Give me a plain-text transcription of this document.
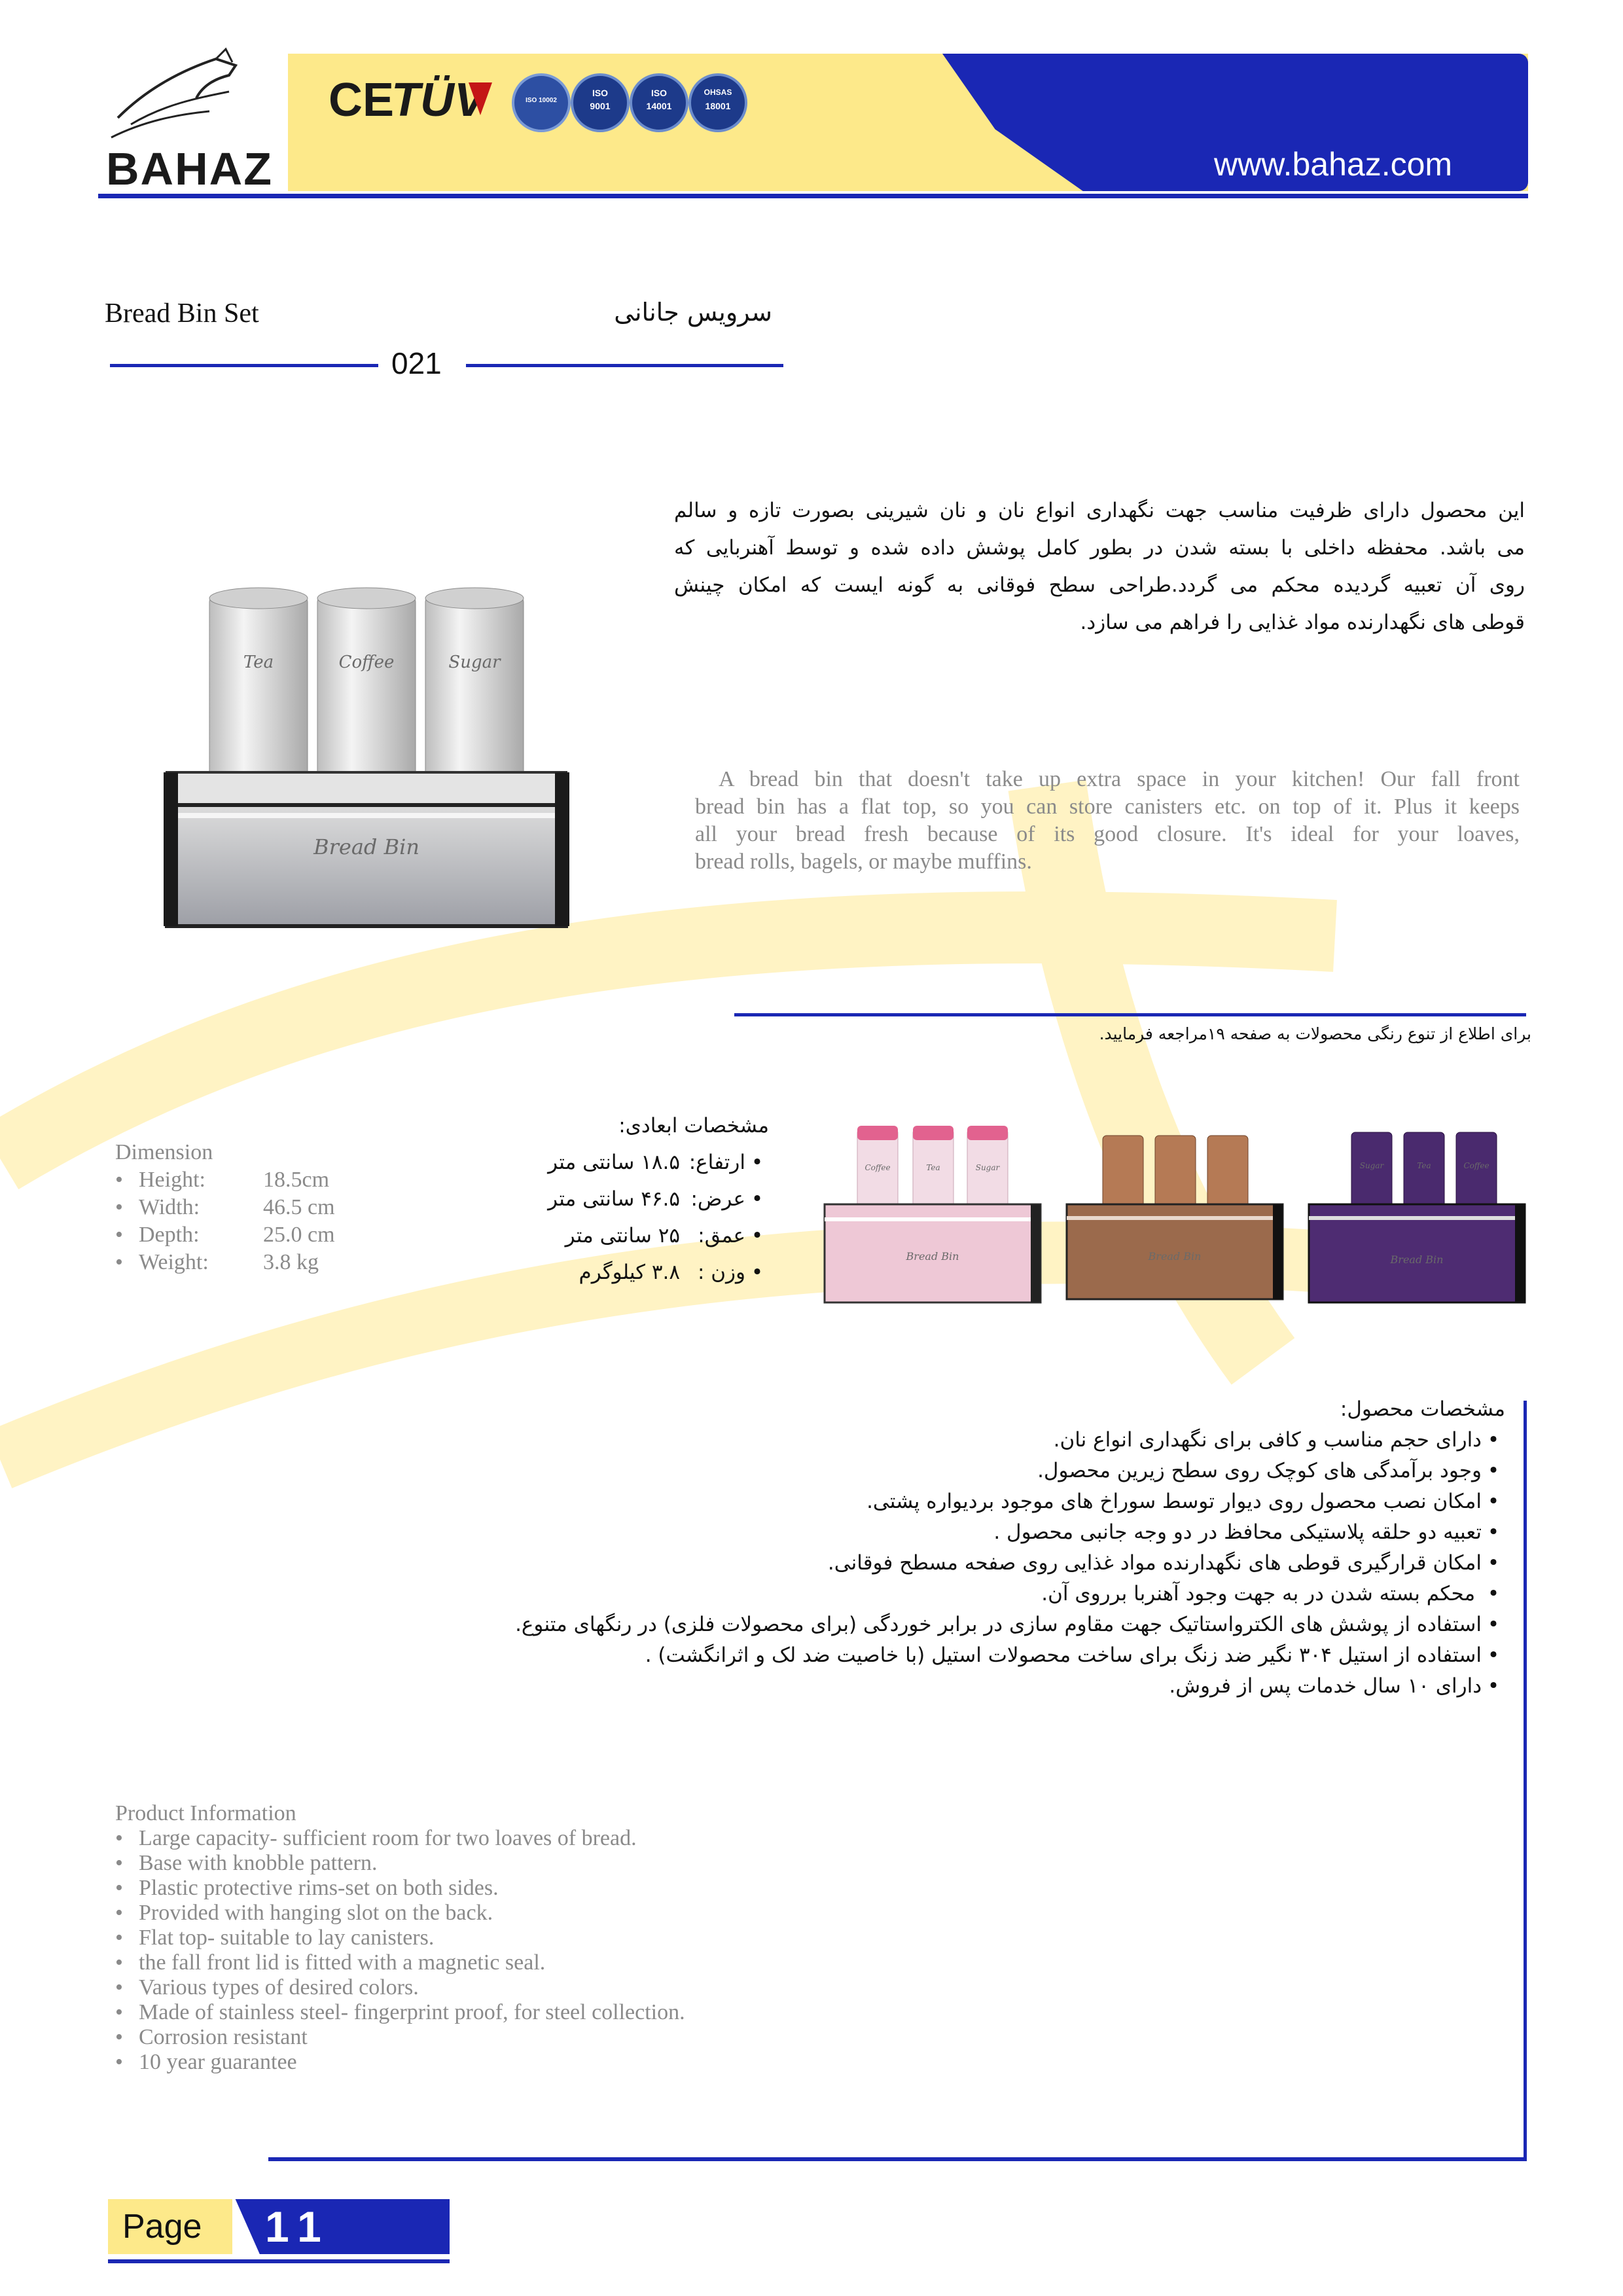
BAHAZ
CE
TÜV	ISO 10002
ISO
9001
ISO
14001
OHSAS
18001
www.bahaz.com
Bread Bin Set	سرویس جانانی
021
Tea	Coffee	Sugar
Bread Bin
این محصول دارای ظرفیت مناسب جهت نگهداری انواع نان و نان شیرینی بصورت تازه و سالم
می باشد. محفظه داخلی با بسته شدن در بطور کامل پوشش داده شده و توسط آهنربایی که
روی آن تعبیه گردیده محکم می گردد.طراحی سطح فوقانی به گونه ایست که امکان چینش
قوطی های نگهدارنده مواد غذایی را فراهم می سازد.
A bread bin that doesn't take up extra space in your kitchen! Our fall front
bread bin has a flat top, so you can store canisters etc. on top of it. Plus it keeps
all your bread fresh because of its good closure. It's ideal for your loaves,
bread rolls, bagels, or maybe muffins.
برای اطلاع از تنوع رنگی محصولات به صفحه ۱۹مراجعه فرمایید.
Dimension
• Height:	18.5cm
• Width:	46.5 cm
• Depth:	25.0 cm
• Weight: 3.8 kg
مشخصات ابعادی:
• ارتفاع:۱۸.۵ سانتی متر
• عرض:۴۶.۵ سانتی متر
• عمق:۲۵ سانتی متر
• وزن :۳.۸ کیلوگرم
Coffee	Tea	Sugar
Bread Bin	Bread Bin
Sugar	Tea	Coffee
Bread Bin
مشخصات محصول:
• دارای حجم مناسب و کافی برای نگهداری انواع نان.
• وجود برآمدگی های کوچک روی سطح زیرین محصول.
• امکان نصب محصول روی دیوار توسط سوراخ های موجود بردیواره پشتی.
• تعبیه دو حلقه پلاستیکی محافظ در دو وجه جانبی محصول .
• امکان قرارگیری قوطی های نگهدارنده مواد غذایی روی صفحه مسطح فوقانی.
• محکم بسته شدن در به جهت وجود آهنربا برروی آن.
• استفاده از پوشش های الکترواستاتیک جهت مقاوم سازی در برابر خوردگی (برای محصولات فلزی) در رنگهای متنوع.
• استفاده از استیل ۳۰۴ نگیر ضد زنگ برای ساخت محصولات استیل (با خاصیت ضد لک و اثرانگشت) .
• دارای ۱۰ سال خدمات پس از فروش.
Product Information
• Large capacity- sufficient room for two loaves of bread.
• Base with knobble pattern.
• Plastic protective rims-set on both sides.
• Provided with hanging slot on the back.
• Flat top- suitable to lay canisters.
• the fall front lid is fitted with a magnetic seal.
• Various types of desired colors.
• Made of stainless steel- fingerprint proof, for steel collection.
• Corrosion resistant
• 10 year guarantee
Page 11
